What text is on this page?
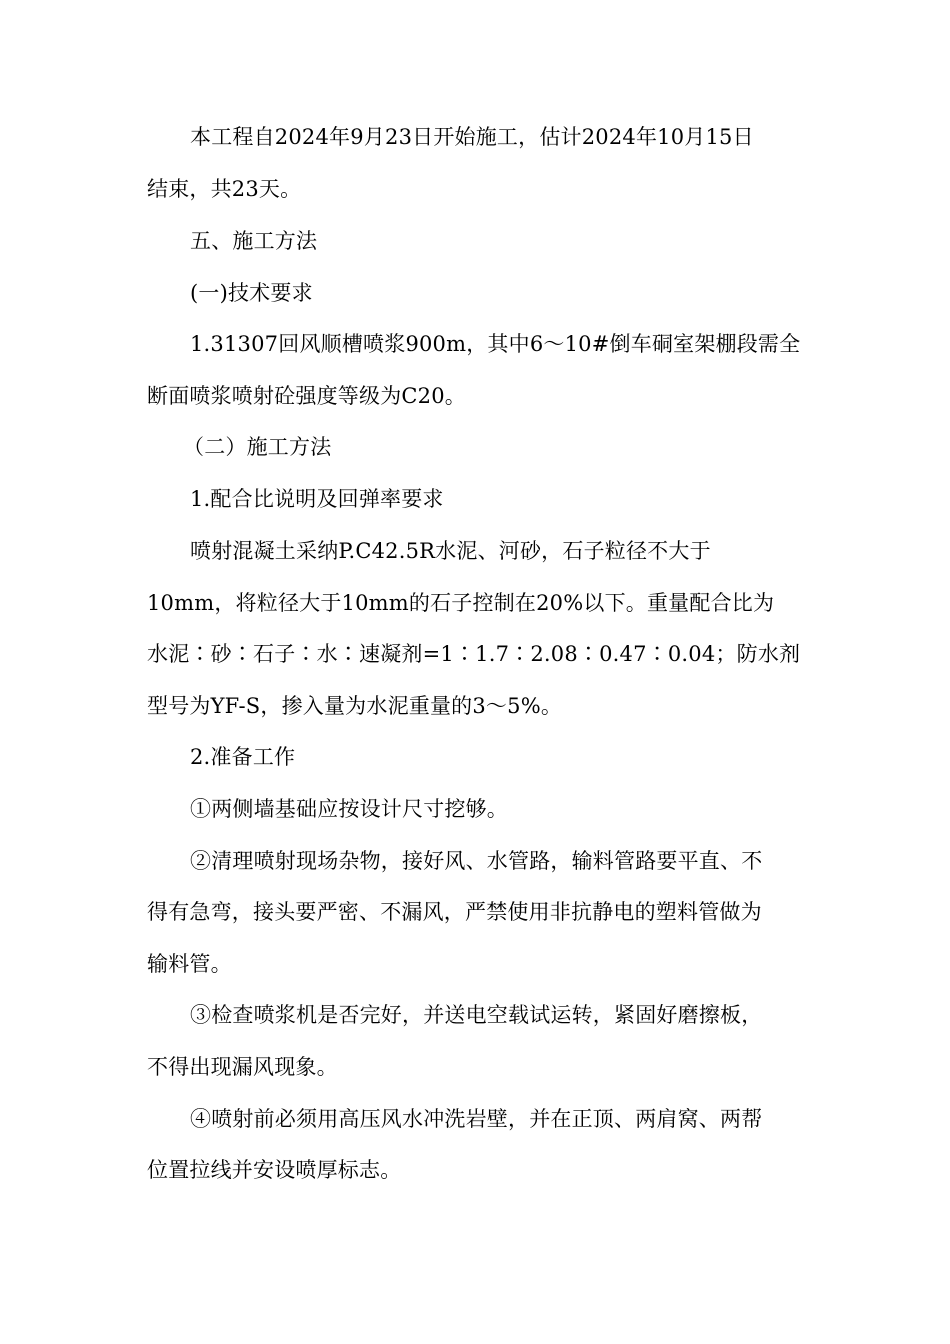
本工程自2024年9月23日开始施工，估计2024年10月15日
结束，共23天。
五、施工方法
(一)技术要求
1.31307回风顺槽喷浆900m，其中6～10#倒车硐室架棚段需全
断面喷浆喷射砼强度等级为C20。
（二）施工方法
1.配合比说明及回弹率要求
喷射混凝土采纳P.C42.5R水泥、河砂，石子粒径不大于
10mm，将粒径大于10mm的石子控制在20%以下。重量配合比为
水泥∶砂∶石子∶水∶速凝剂=1∶1.7∶2.08∶0.47∶0.04；防水剂
型号为YF-S，掺入量为水泥重量的3～5%。
2.准备工作
①两侧墙基础应按设计尺寸挖够。
②清理喷射现场杂物，接好风、水管路，输料管路要平直、不
得有急弯，接头要严密、不漏风，严禁使用非抗静电的塑料管做为
输料管。
③检查喷浆机是否完好，并送电空载试运转，紧固好磨擦板，
不得出现漏风现象。
④喷射前必须用高压风水冲洗岩壁，并在正顶、两肩窝、两帮
位置拉线并安设喷厚标志。
